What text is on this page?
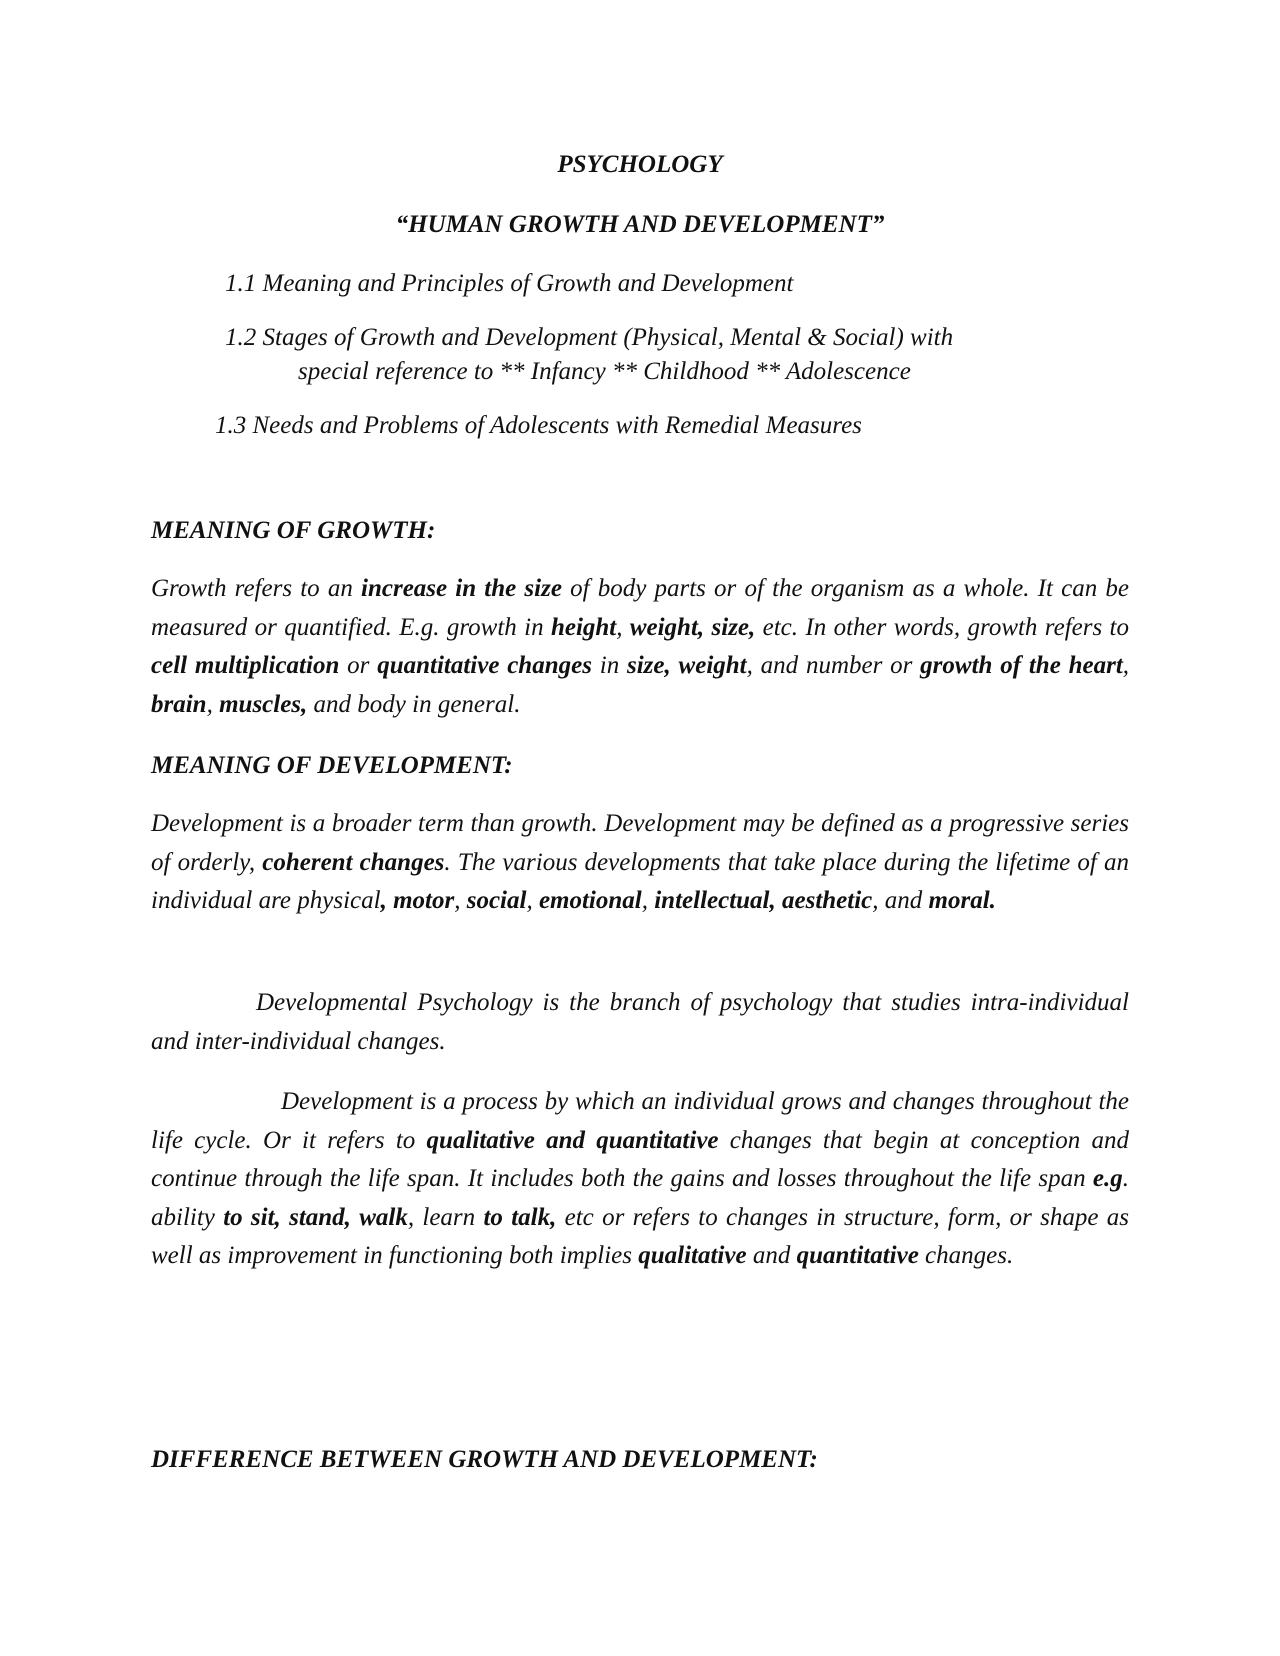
PSYCHOLOGY
“HUMAN GROWTH AND DEVELOPMENT”
1.1 Meaning and Principles of Growth and Development
1.2 Stages of Growth and Development (Physical, Mental & Social) with
special reference to ** Infancy ** Childhood ** Adolescence
1.3 Needs and Problems of Adolescents with Remedial Measures
MEANING OF GROWTH:

Growth refers to an increase in the size of body parts or of the organism as a whole. It can be measured or quantified. E.g. growth in height, weight, size, etc. In other words, growth refers to cell multiplication or quantitative changes in size, weight, and number or growth of the heart, brain, muscles, and body in general.

MEANING OF DEVELOPMENT:

Development is a broader term than growth. Development may be defined as a progressive series of orderly, coherent changes. The various developments that take place during the lifetime of an individual are physical, motor, social, emotional, intellectual, aesthetic, and moral.

Developmental Psychology is the branch of psychology that studies intra-individual and inter-individual changes.

Development is a process by which an individual grows and changes throughout the life cycle. Or it refers to qualitative and quantitative changes that begin at conception and continue through the life span. It includes both the gains and losses throughout the life span e.g. ability to sit, stand, walk, learn to talk, etc or refers to changes in structure, form, or shape as well as improvement in functioning both implies qualitative and quantitative changes.

DIFFERENCE BETWEEN GROWTH AND DEVELOPMENT:
